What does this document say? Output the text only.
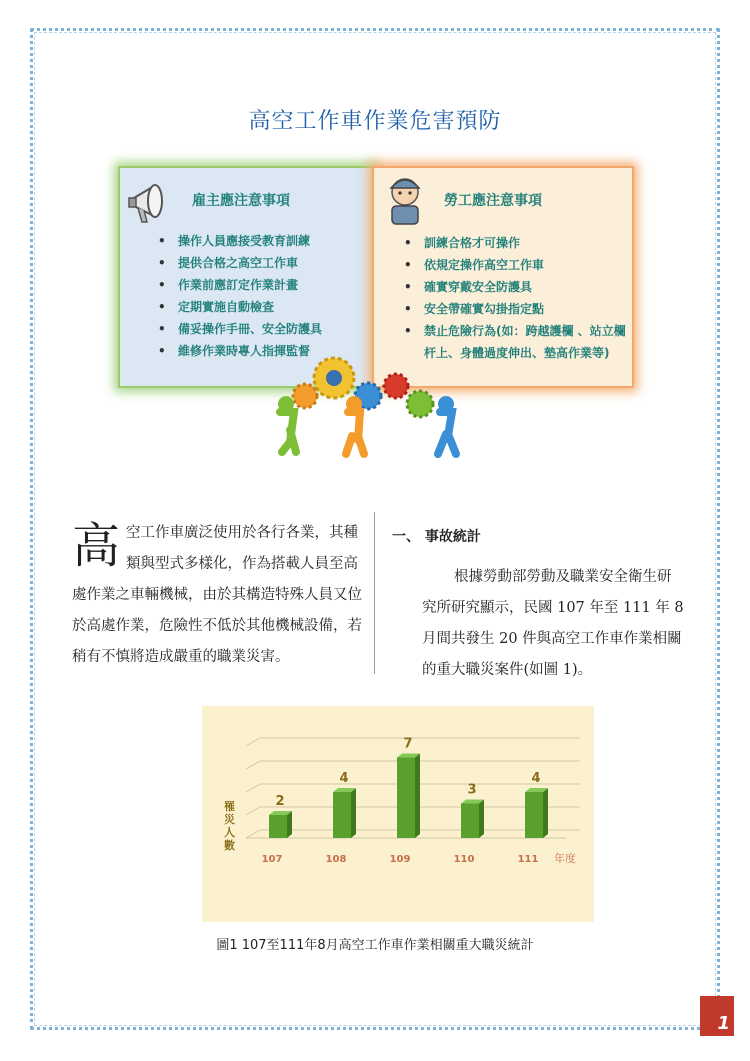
高空工作車作業危害預防
雇主應注意事項
• 操作人員應接受教育訓練
• 提供合格之高空工作車
• 作業前應訂定作業計畫
• 定期實施自動檢查
• 備妥操作手冊、安全防護具
• 維修作業時專人指揮監督
勞工應注意事項
• 訓練合格才可操作
• 依規定操作高空工作車
• 確實穿戴安全防護具
• 安全帶確實勾掛指定點
• 禁止危險行為(如：跨越護欄 、站立欄杆上、身體過度伸出、墊高作業等)
高空工作車廣泛使用於各行各業，其種類與型式多樣化，作為搭載人員至高處作業之車輛機械，由於其構造特殊人員又位於高處作業，危險性不低於其他機械設備，若稍有不慎將造成嚴重的職業災害。
一、 事故統計
根據勞動部勞動及職業安全衛生研究所研究顯示，民國 107 年至 111 年 8 月間共發生 20 件與高空工作車作業相關的重大職災案件(如圖 1)。
2
107
4
108
7
109
3
110
4
111
罹災人數
年度
圖1 107至111年8月高空工作車作業相關重大職災統計
1
